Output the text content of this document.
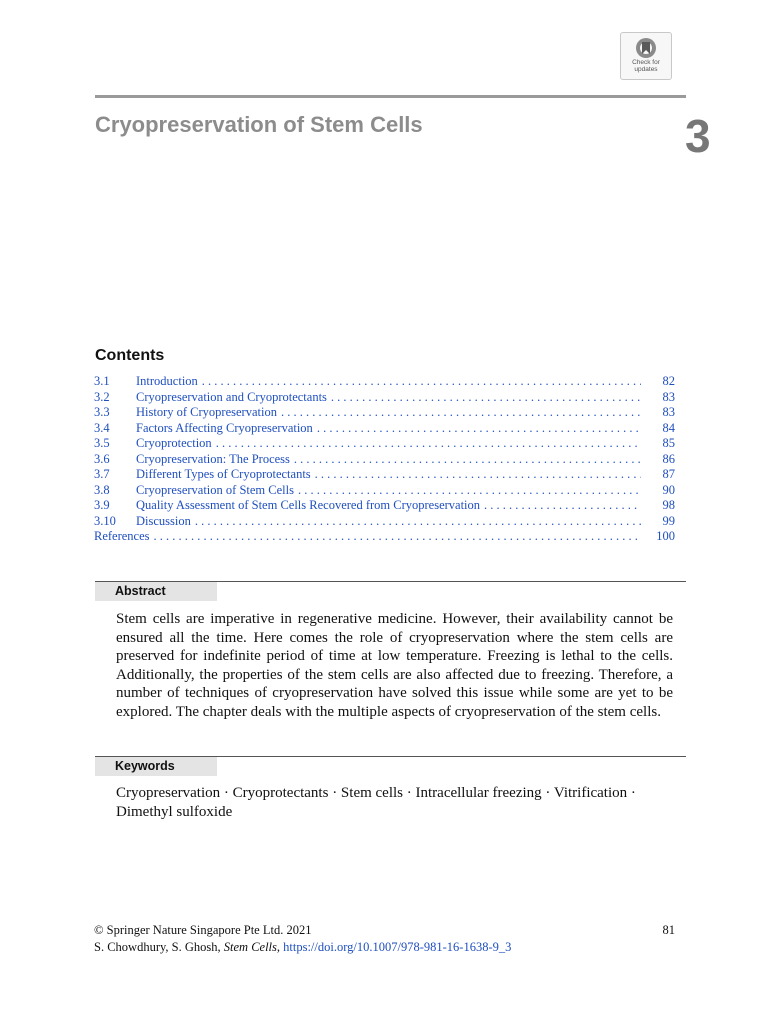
Check for
updates
Cryopreservation of Stem Cells	3
Contents
3.1	Introduction . . .	82
3.2	Cryopreservation and Cryoprotectants . . .	83
3.3	History of Cryopreservation . . .	83
3.4	Factors Affecting Cryopreservation . . .	84
3.5	Cryoprotection . . .	85
3.6	Cryopreservation: The Process . . .	86
3.7	Different Types of Cryoprotectants . . .	87
3.8	Cryopreservation of Stem Cells . . .	90
3.9	Quality Assessment of Stem Cells Recovered from Cryopreservation . . .	98
3.10	Discussion . . .	99
References . . .	100
Abstract
Stem cells are imperative in regenerative medicine. However, their availability cannot be ensured all the time. Here comes the role of cryopreservation where the stem cells are preserved for indefinite period of time at low temperature. Freezing is lethal to the cells. Additionally, the properties of the stem cells are also affected due to freezing. Therefore, a number of techniques of cryopreservation have solved this issue while some are yet to be explored. The chapter deals with the multiple aspects of cryopreservation of the stem cells.
Keywords
Cryopreservation · Cryoprotectants · Stem cells · Intracellular freezing · Vitrification · Dimethyl sulfoxide
© Springer Nature Singapore Pte Ltd. 2021	81
S. Chowdhury, S. Ghosh, Stem Cells, https://doi.org/10.1007/978-981-16-1638-9_3
